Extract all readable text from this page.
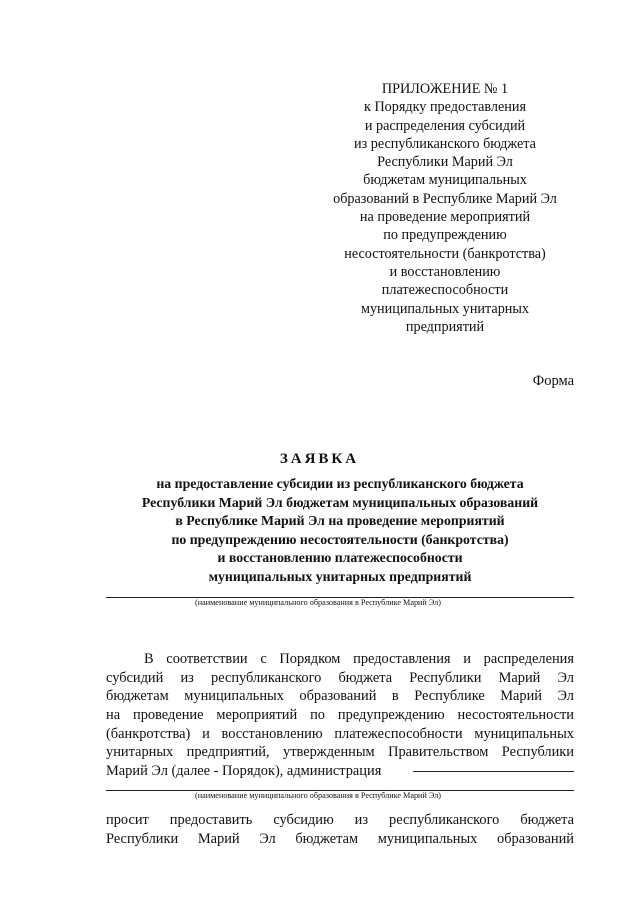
ПРИЛОЖЕНИЕ № 1
к Порядку предоставления
и распределения субсидий
из республиканского бюджета
Республики Марий Эл
бюджетам муниципальных
образований в Республике Марий Эл
на проведение мероприятий
по предупреждению
несостоятельности (банкротства)
и восстановлению
платежеспособности
муниципальных унитарных
предприятий
Форма
ЗАЯВКА
на предоставление субсидии из республиканского бюджета
Республики Марий Эл бюджетам муниципальных образований
в Республике Марий Эл на проведение мероприятий
по предупреждению несостоятельности (банкротства)
и восстановлению платежеспособности
муниципальных унитарных предприятий
(наименование муниципального образования в Республике Марий Эл)
В соответствии с Порядком предоставления и распределения
субсидий из республиканского бюджета Республики Марий Эл
бюджетам муниципальных образований в Республике Марий Эл
на проведение мероприятий по предупреждению несостоятельности
(банкротства) и восстановлению платежеспособности муниципальных
унитарных предприятий, утвержденным Правительством Республики
Марий Эл (далее - Порядок), администрация
(наименование муниципального образования в Республике Марий Эл)
просит предоставить субсидию из республиканского бюджета
Республики Марий Эл бюджетам муниципальных образований
